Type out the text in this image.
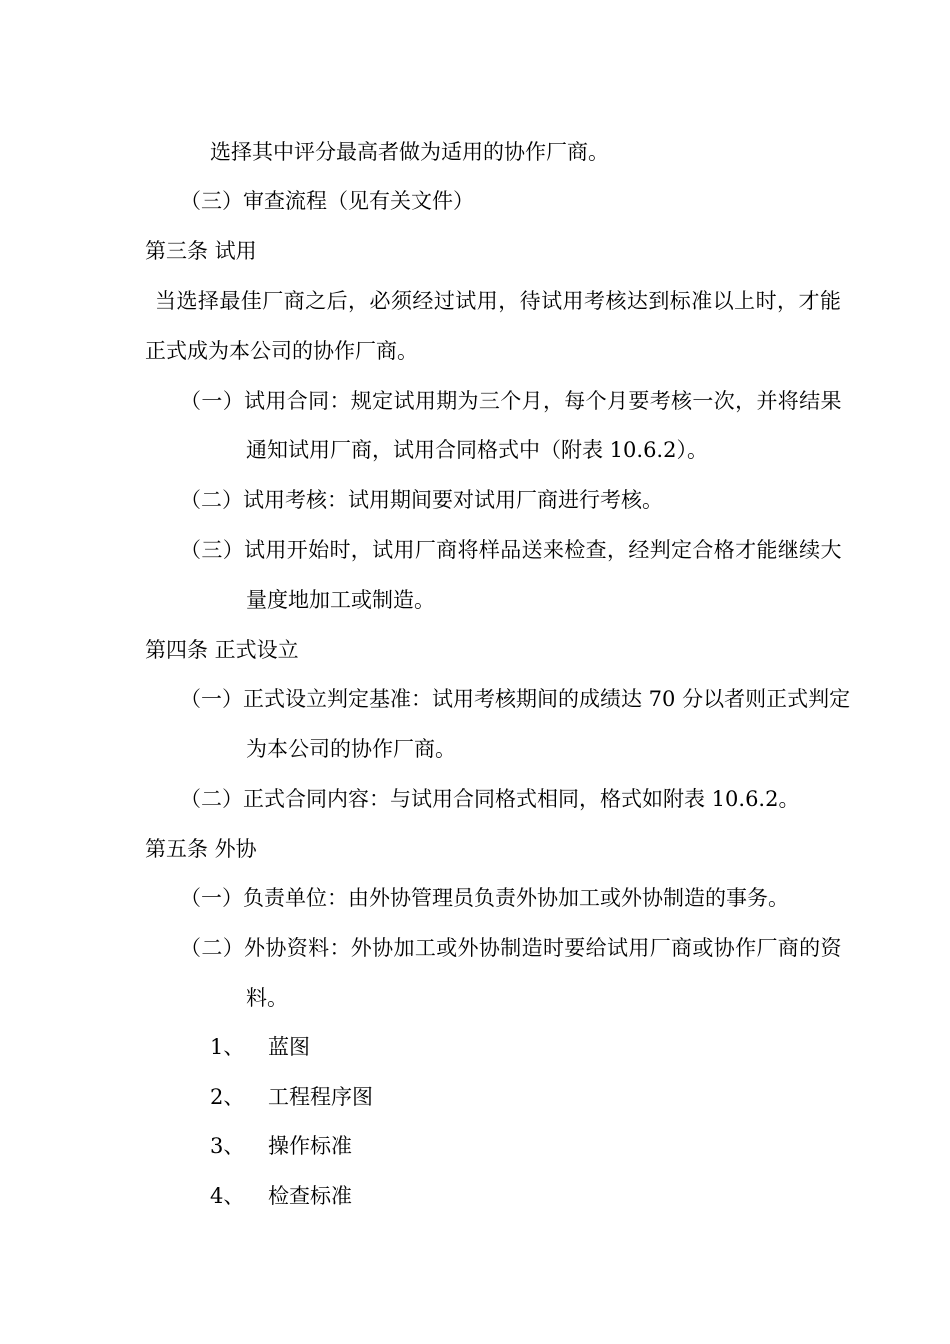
选择其中评分最高者做为适用的协作厂商。
（三）审查流程（见有关文件）
第三条 试用
当选择最佳厂商之后，必须经过试用，待试用考核达到标准以上时，才能
正式成为本公司的协作厂商。
（一）试用合同：规定试用期为三个月，每个月要考核一次，并将结果
通知试用厂商，试用合同格式中（附表 10.6.2）。
（二）试用考核：试用期间要对试用厂商进行考核。
（三）试用开始时，试用厂商将样品送来检查，经判定合格才能继续大
量度地加工或制造。
第四条 正式设立
（一）正式设立判定基准：试用考核期间的成绩达 70 分以者则正式判定
为本公司的协作厂商。
（二）正式合同内容：与试用合同格式相同，格式如附表 10.6.2。
第五条 外协
（一）负责单位：由外协管理员负责外协加工或外协制造的事务。
（二）外协资料：外协加工或外协制造时要给试用厂商或协作厂商的资
料。
1、 蓝图
2、 工程程序图
3、 操作标准
4、 检查标准
